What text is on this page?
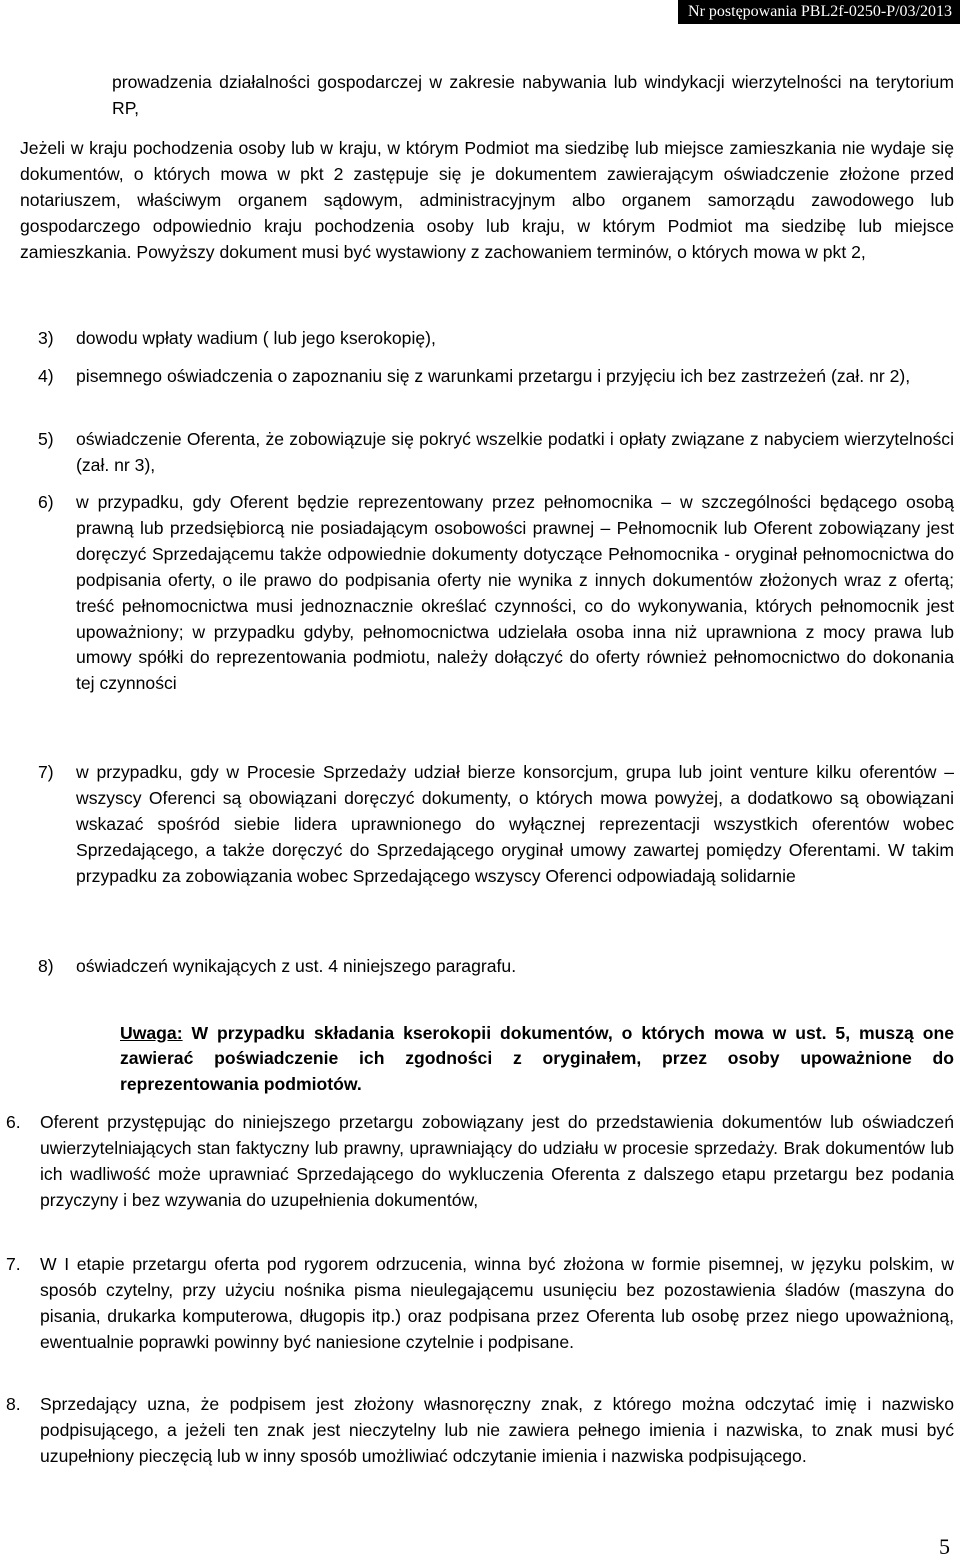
Nr postępowania PBL2f-0250-P/03/2013

prowadzenia działalności gospodarczej w zakresie nabywania lub windykacji wierzytelności na terytorium RP,

Jeżeli w kraju pochodzenia osoby lub w kraju, w którym Podmiot ma siedzibę lub miejsce zamieszkania nie wydaje się dokumentów, o których mowa w pkt 2 zastępuje się je dokumentem zawierającym oświadczenie złożone przed notariuszem, właściwym organem sądowym, administracyjnym albo organem samorządu zawodowego lub gospodarczego odpowiednio kraju pochodzenia osoby lub kraju, w którym Podmiot ma siedzibę lub miejsce zamieszkania. Powyższy dokument musi być wystawiony z zachowaniem terminów, o których mowa w pkt 2,

3) dowodu wpłaty wadium ( lub jego kserokopię),

4) pisemnego oświadczenia o zapoznaniu się z warunkami przetargu i przyjęciu ich bez zastrzeżeń (zał. nr 2),

5) oświadczenie Oferenta, że zobowiązuje się pokryć wszelkie podatki i opłaty związane z nabyciem wierzytelności (zał. nr 3),

6) w przypadku, gdy Oferent będzie reprezentowany przez pełnomocnika – w szczególności będącego osobą prawną lub przedsiębiorcą nie posiadającym osobowości prawnej – Pełnomocnik lub Oferent zobowiązany jest doręczyć Sprzedającemu także odpowiednie dokumenty dotyczące Pełnomocnika - oryginał pełnomocnictwa do podpisania oferty, o ile prawo do podpisania oferty nie wynika z innych dokumentów złożonych wraz z ofertą; treść pełnomocnictwa musi jednoznacznie określać czynności, co do wykonywania, których pełnomocnik jest upoważniony; w przypadku gdyby, pełnomocnictwa udzielała osoba inna niż uprawniona z mocy prawa lub umowy spółki do reprezentowania podmiotu, należy dołączyć do oferty również pełnomocnictwo do dokonania tej czynności

7) w przypadku, gdy w Procesie Sprzedaży udział bierze konsorcjum, grupa lub joint venture kilku oferentów – wszyscy Oferenci są obowiązani doręczyć dokumenty, o których mowa powyżej, a dodatkowo są obowiązani wskazać spośród siebie lidera uprawnionego do wyłącznej reprezentacji wszystkich oferentów wobec Sprzedającego, a także doręczyć do Sprzedającego oryginał umowy zawartej pomiędzy Oferentami. W takim przypadku za zobowiązania wobec Sprzedającego wszyscy Oferenci odpowiadają solidarnie

8) oświadczeń wynikających z ust. 4 niniejszego paragrafu.

Uwaga: W przypadku składania kserokopii dokumentów, o których mowa w ust. 5, muszą one zawierać poświadczenie ich zgodności z oryginałem, przez osoby upoważnione do reprezentowania podmiotów.

6. Oferent przystępując do niniejszego przetargu zobowiązany jest do przedstawienia dokumentów lub oświadczeń uwierzytelniających stan faktyczny lub prawny, uprawniający do udziału w procesie sprzedaży. Brak dokumentów lub ich wadliwość może uprawniać Sprzedającego do wykluczenia Oferenta z dalszego etapu przetargu bez podania przyczyny i bez wzywania do uzupełnienia dokumentów,

7. W I etapie przetargu oferta pod rygorem odrzucenia, winna być złożona w formie pisemnej, w języku polskim, w sposób czytelny, przy użyciu nośnika pisma nieulegającemu usunięciu bez pozostawienia śladów (maszyna do pisania, drukarka komputerowa, długopis itp.) oraz podpisana przez Oferenta lub osobę przez niego upoważnioną, ewentualnie poprawki powinny być naniesione czytelnie i podpisane.

8. Sprzedający uzna, że podpisem jest złożony własnoręczny znak, z którego można odczytać imię i nazwisko podpisującego, a jeżeli ten znak jest nieczytelny lub nie zawiera pełnego imienia i nazwiska, to znak musi być uzupełniony pieczęcią lub w inny sposób umożliwiać odczytanie imienia i nazwiska podpisującego.

5
